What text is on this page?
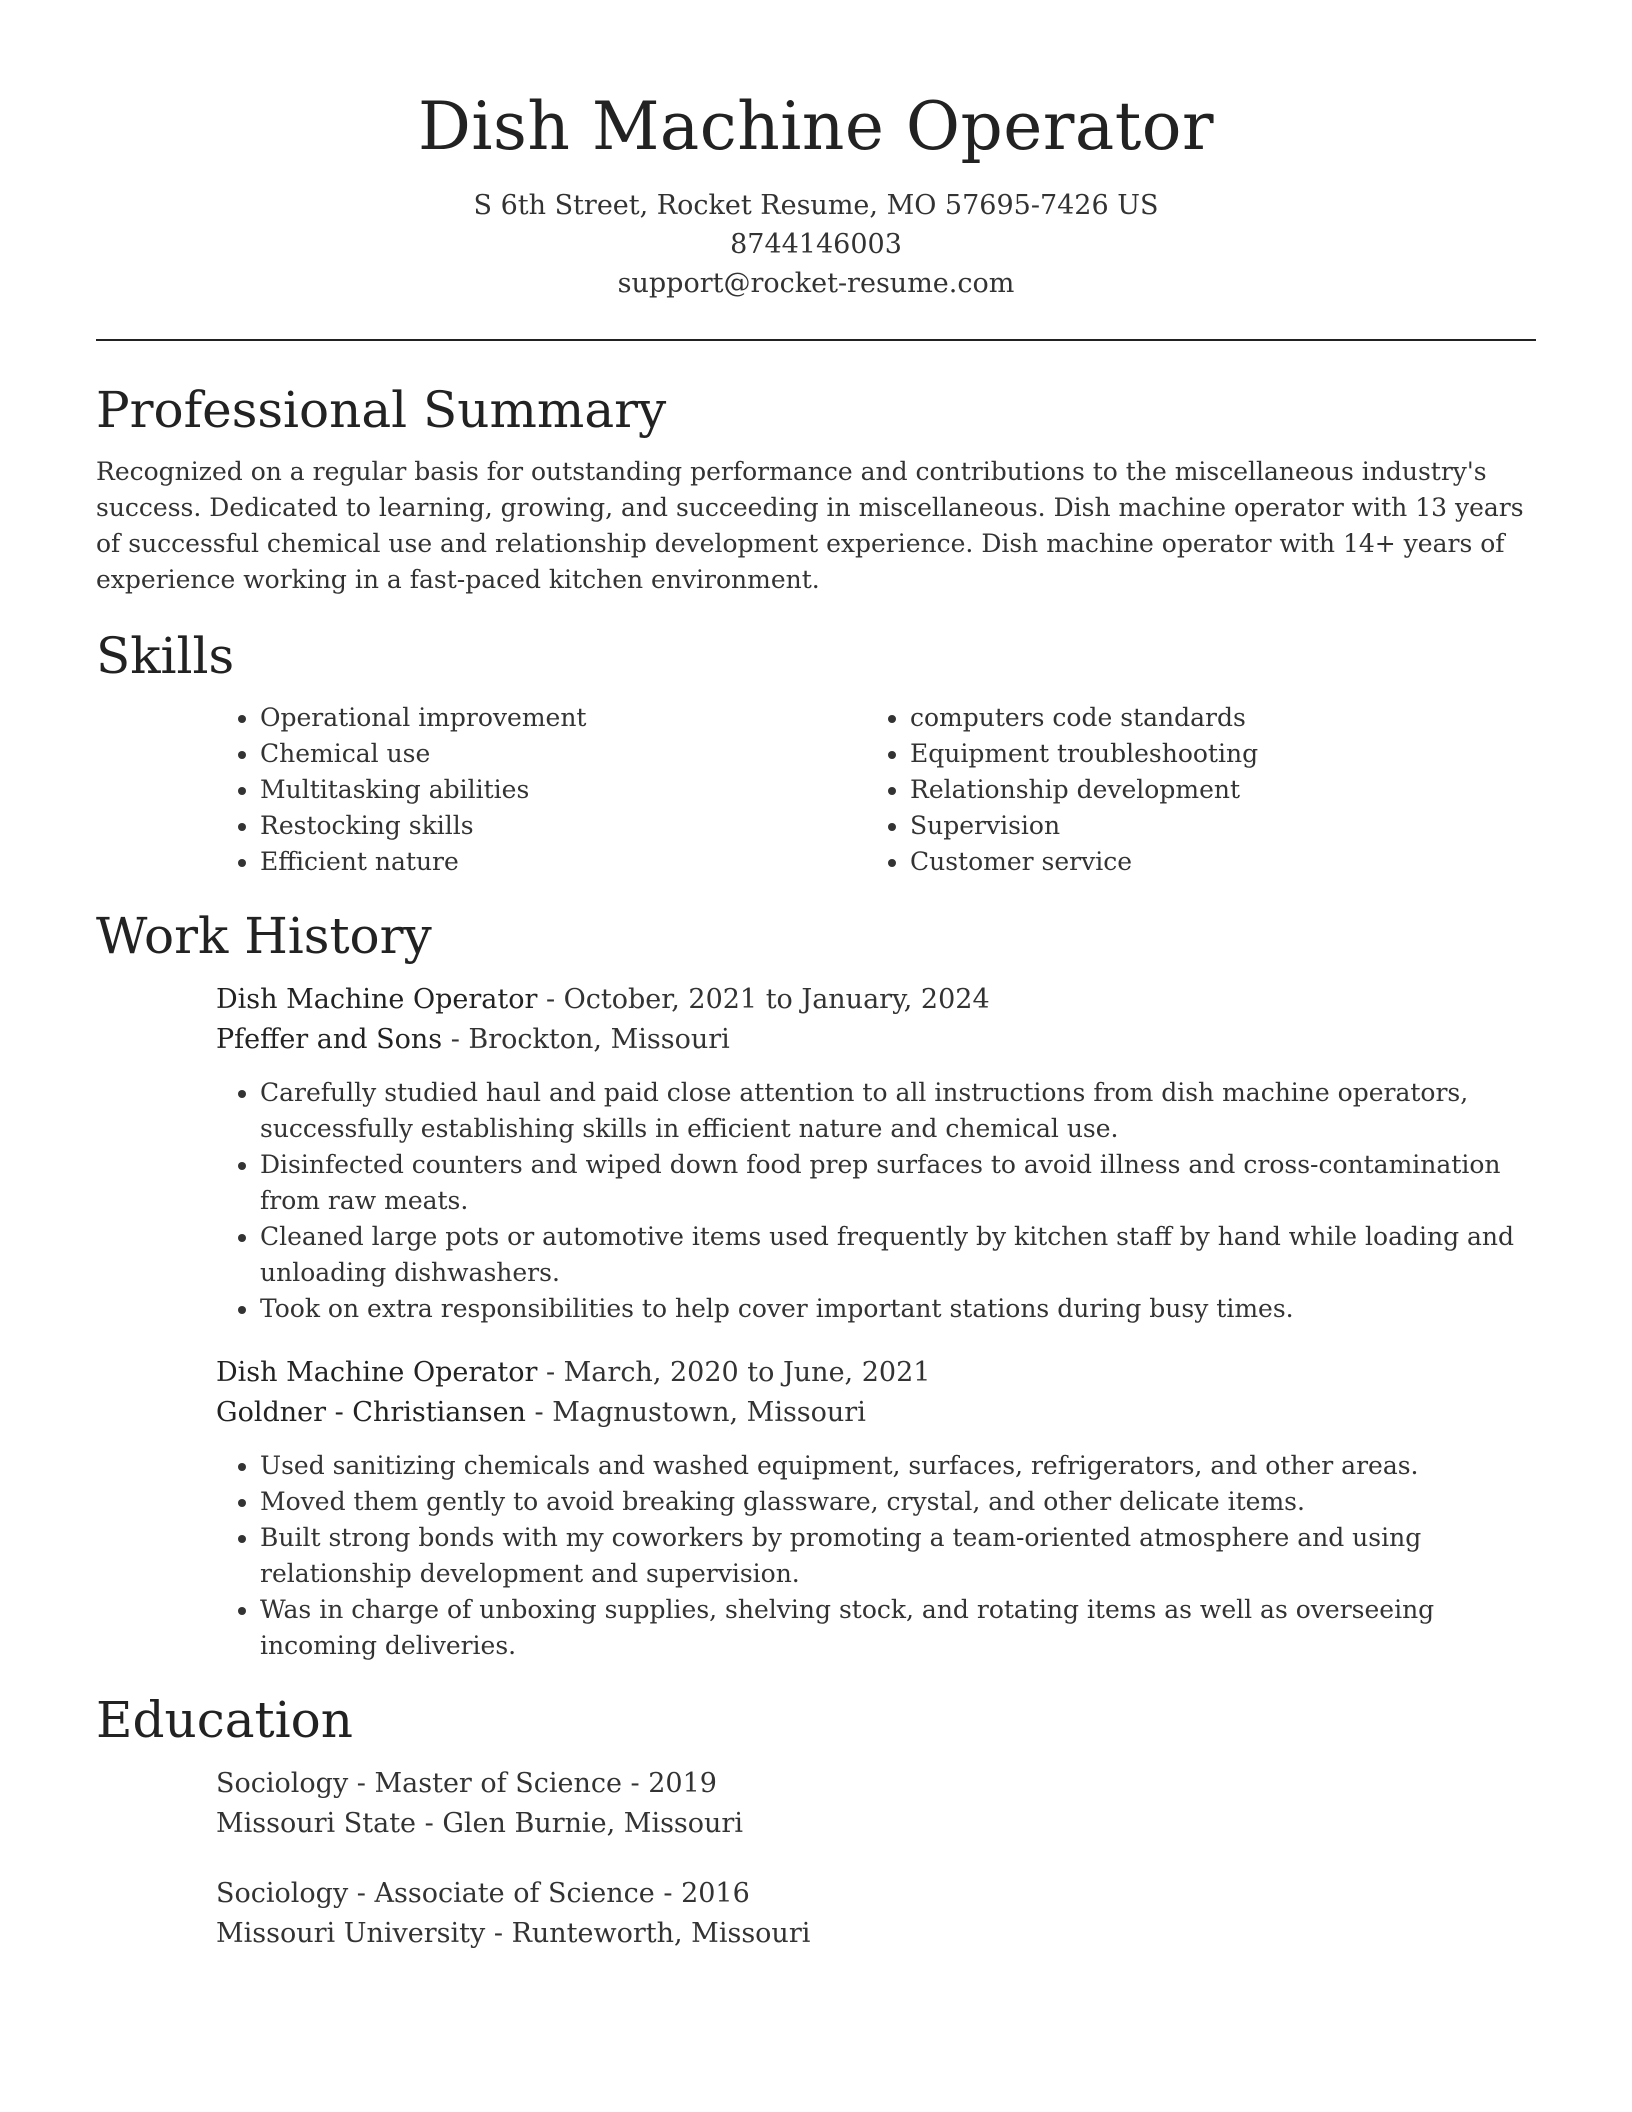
Dish Machine Operator
S 6th Street, Rocket Resume, MO 57695-7426 US
8744146003
support@rocket-resume.com
Professional Summary

Recognized on a regular basis for outstanding performance and contributions to the miscellaneous industry's success. Dedicated to learning, growing, and succeeding in miscellaneous. Dish machine operator with 13 years of successful chemical use and relationship development experience. Dish machine operator with 14+ years of experience working in a fast-paced kitchen environment.

Skills
• Operational improvement
• Chemical use
• Multitasking abilities
• Restocking skills
• Efficient nature
• computers code standards
• Equipment troubleshooting
• Relationship development
• Supervision
• Customer service
Work History
Dish Machine Operator - October, 2021 to January, 2024
Pfeffer and Sons - Brockton, Missouri
• Carefully studied haul and paid close attention to all instructions from dish machine operators, successfully establishing skills in efficient nature and chemical use.
• Disinfected counters and wiped down food prep surfaces to avoid illness and cross-contamination from raw meats.
• Cleaned large pots or automotive items used frequently by kitchen staff by hand while loading and unloading dishwashers.
• Took on extra responsibilities to help cover important stations during busy times.
Dish Machine Operator - March, 2020 to June, 2021
Goldner - Christiansen - Magnustown, Missouri
• Used sanitizing chemicals and washed equipment, surfaces, refrigerators, and other areas.
• Moved them gently to avoid breaking glassware, crystal, and other delicate items.
• Built strong bonds with my coworkers by promoting a team-oriented atmosphere and using relationship development and supervision.
• Was in charge of unboxing supplies, shelving stock, and rotating items as well as overseeing incoming deliveries.
Education
Sociology - Master of Science - 2019
Missouri State - Glen Burnie, Missouri
Sociology - Associate of Science - 2016
Missouri University - Runteworth, Missouri
